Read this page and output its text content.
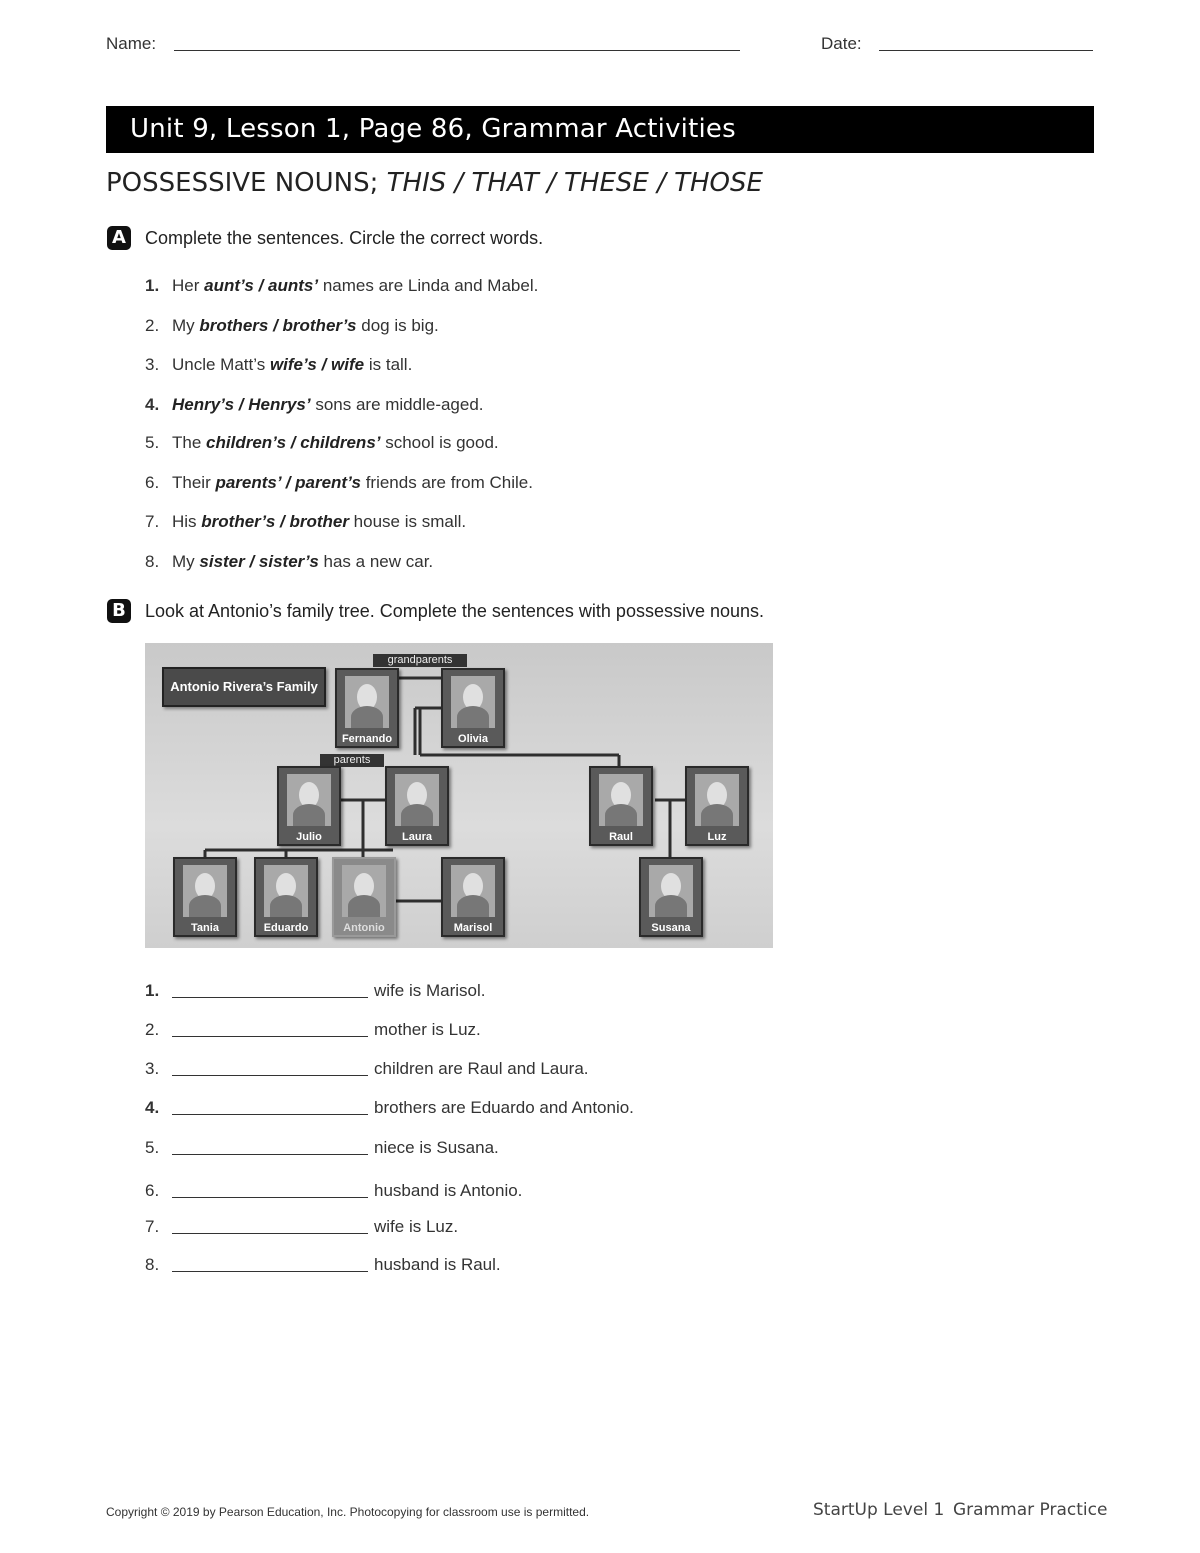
Name:	Date:
Unit 9, Lesson 1, Page 86, Grammar Activities
POSSESSIVE NOUNS; THIS / THAT / THESE / THOSE
A Complete the sentences. Circle the correct words.
1. Her aunt’s / aunts’ names are Linda and Mabel.
2. My brothers / brother’s dog is big.
3. Uncle Matt’s wife’s / wife is tall.
4. Henry’s / Henrys’ sons are middle-aged.
5. The children’s / childrens’ school is good.
6. Their parents’ / parent’s friends are from Chile.
7. His brother’s / brother house is small.
8. My sister / sister’s has a new car.
B Look at Antonio’s family tree. Complete the sentences with possessive nouns.
Antonio Rivera’s Family
grandparents
parents
Fernando	Olivia
Julio	Laura	Raul	Luz
Tania	Eduardo	Antonio	Marisol	Susana
1.	wife is Marisol.
2.	mother is Luz.
3.	children are Raul and Laura.
4.	brothers are Eduardo and Antonio.
5.	niece is Susana.
6.	husband is Antonio.
7.	wife is Luz.
8.	husband is Raul.
Copyright © 2019 by Pearson Education, Inc. Photocopying for classroom use is permitted.	StartUp Level 1 Grammar Practice
